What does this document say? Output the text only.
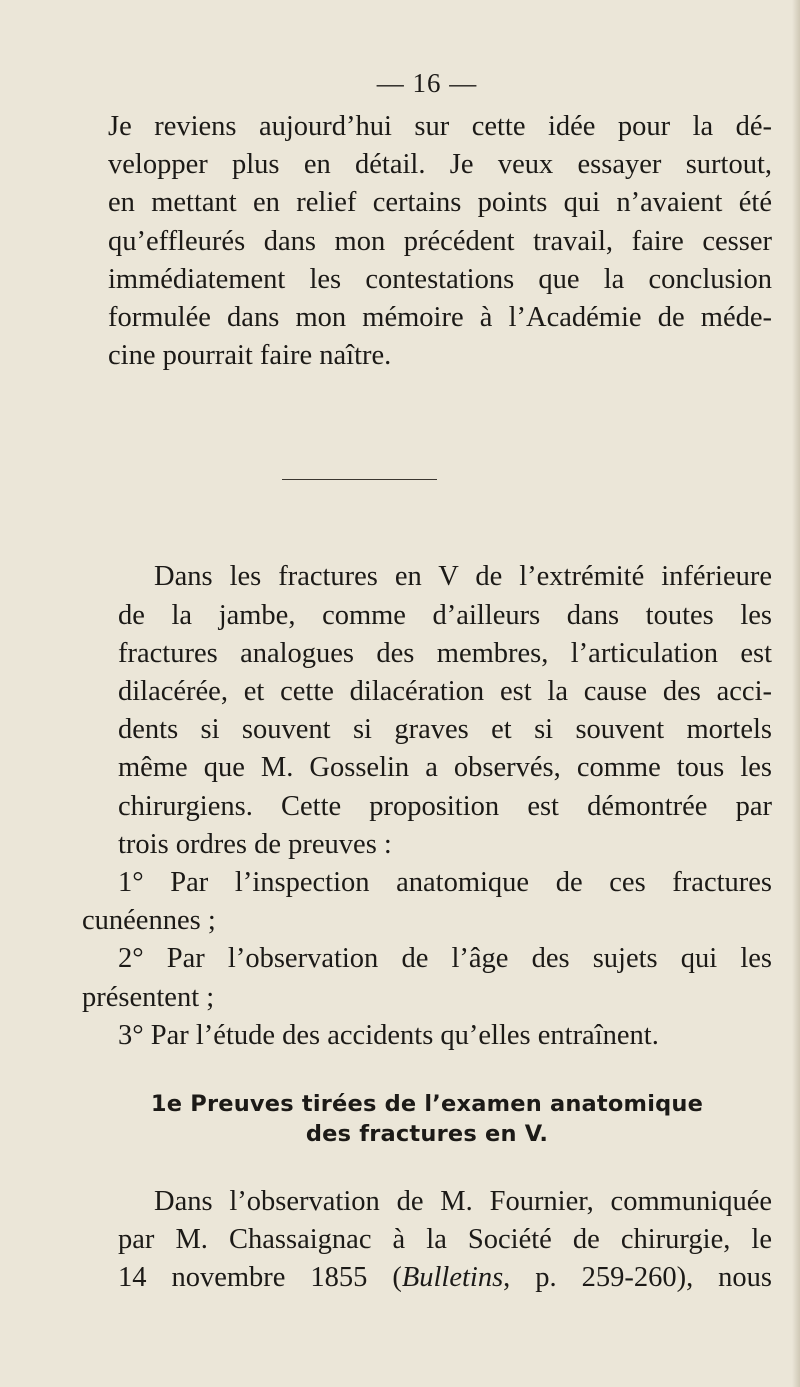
— 16 —

Je reviens aujourd’hui sur cette idée pour la dé-
velopper plus en détail. Je veux essayer surtout,
en mettant en relief certains points qui n’avaient été
qu’effleurés dans mon précédent travail, faire cesser
immédiatement les contestations que la conclusion
formulée dans mon mémoire à l’Académie de méde-
cine pourrait faire naître.

Dans les fractures en V de l’extrémité inférieure
de la jambe, comme d’ailleurs dans toutes les
fractures analogues des membres, l’articulation est
dilacérée, et cette dilacération est la cause des acci-
dents si souvent si graves et si souvent mortels
même que M. Gosselin a observés, comme tous les
chirurgiens. Cette proposition est démontrée par
trois ordres de preuves :

1° Par l’inspection anatomique de ces fractures
cunéennes ;
2° Par l’observation de l’âge des sujets qui les
présentent ;
3° Par l’étude des accidents qu’elles entraînent.

1e Preuves tirées de l’examen anatomique
des fractures en V.

Dans l’observation de M. Fournier, communiquée
par M. Chassaignac à la Société de chirurgie, le
14 novembre 1855 (Bulletins, p. 259-260), nous
